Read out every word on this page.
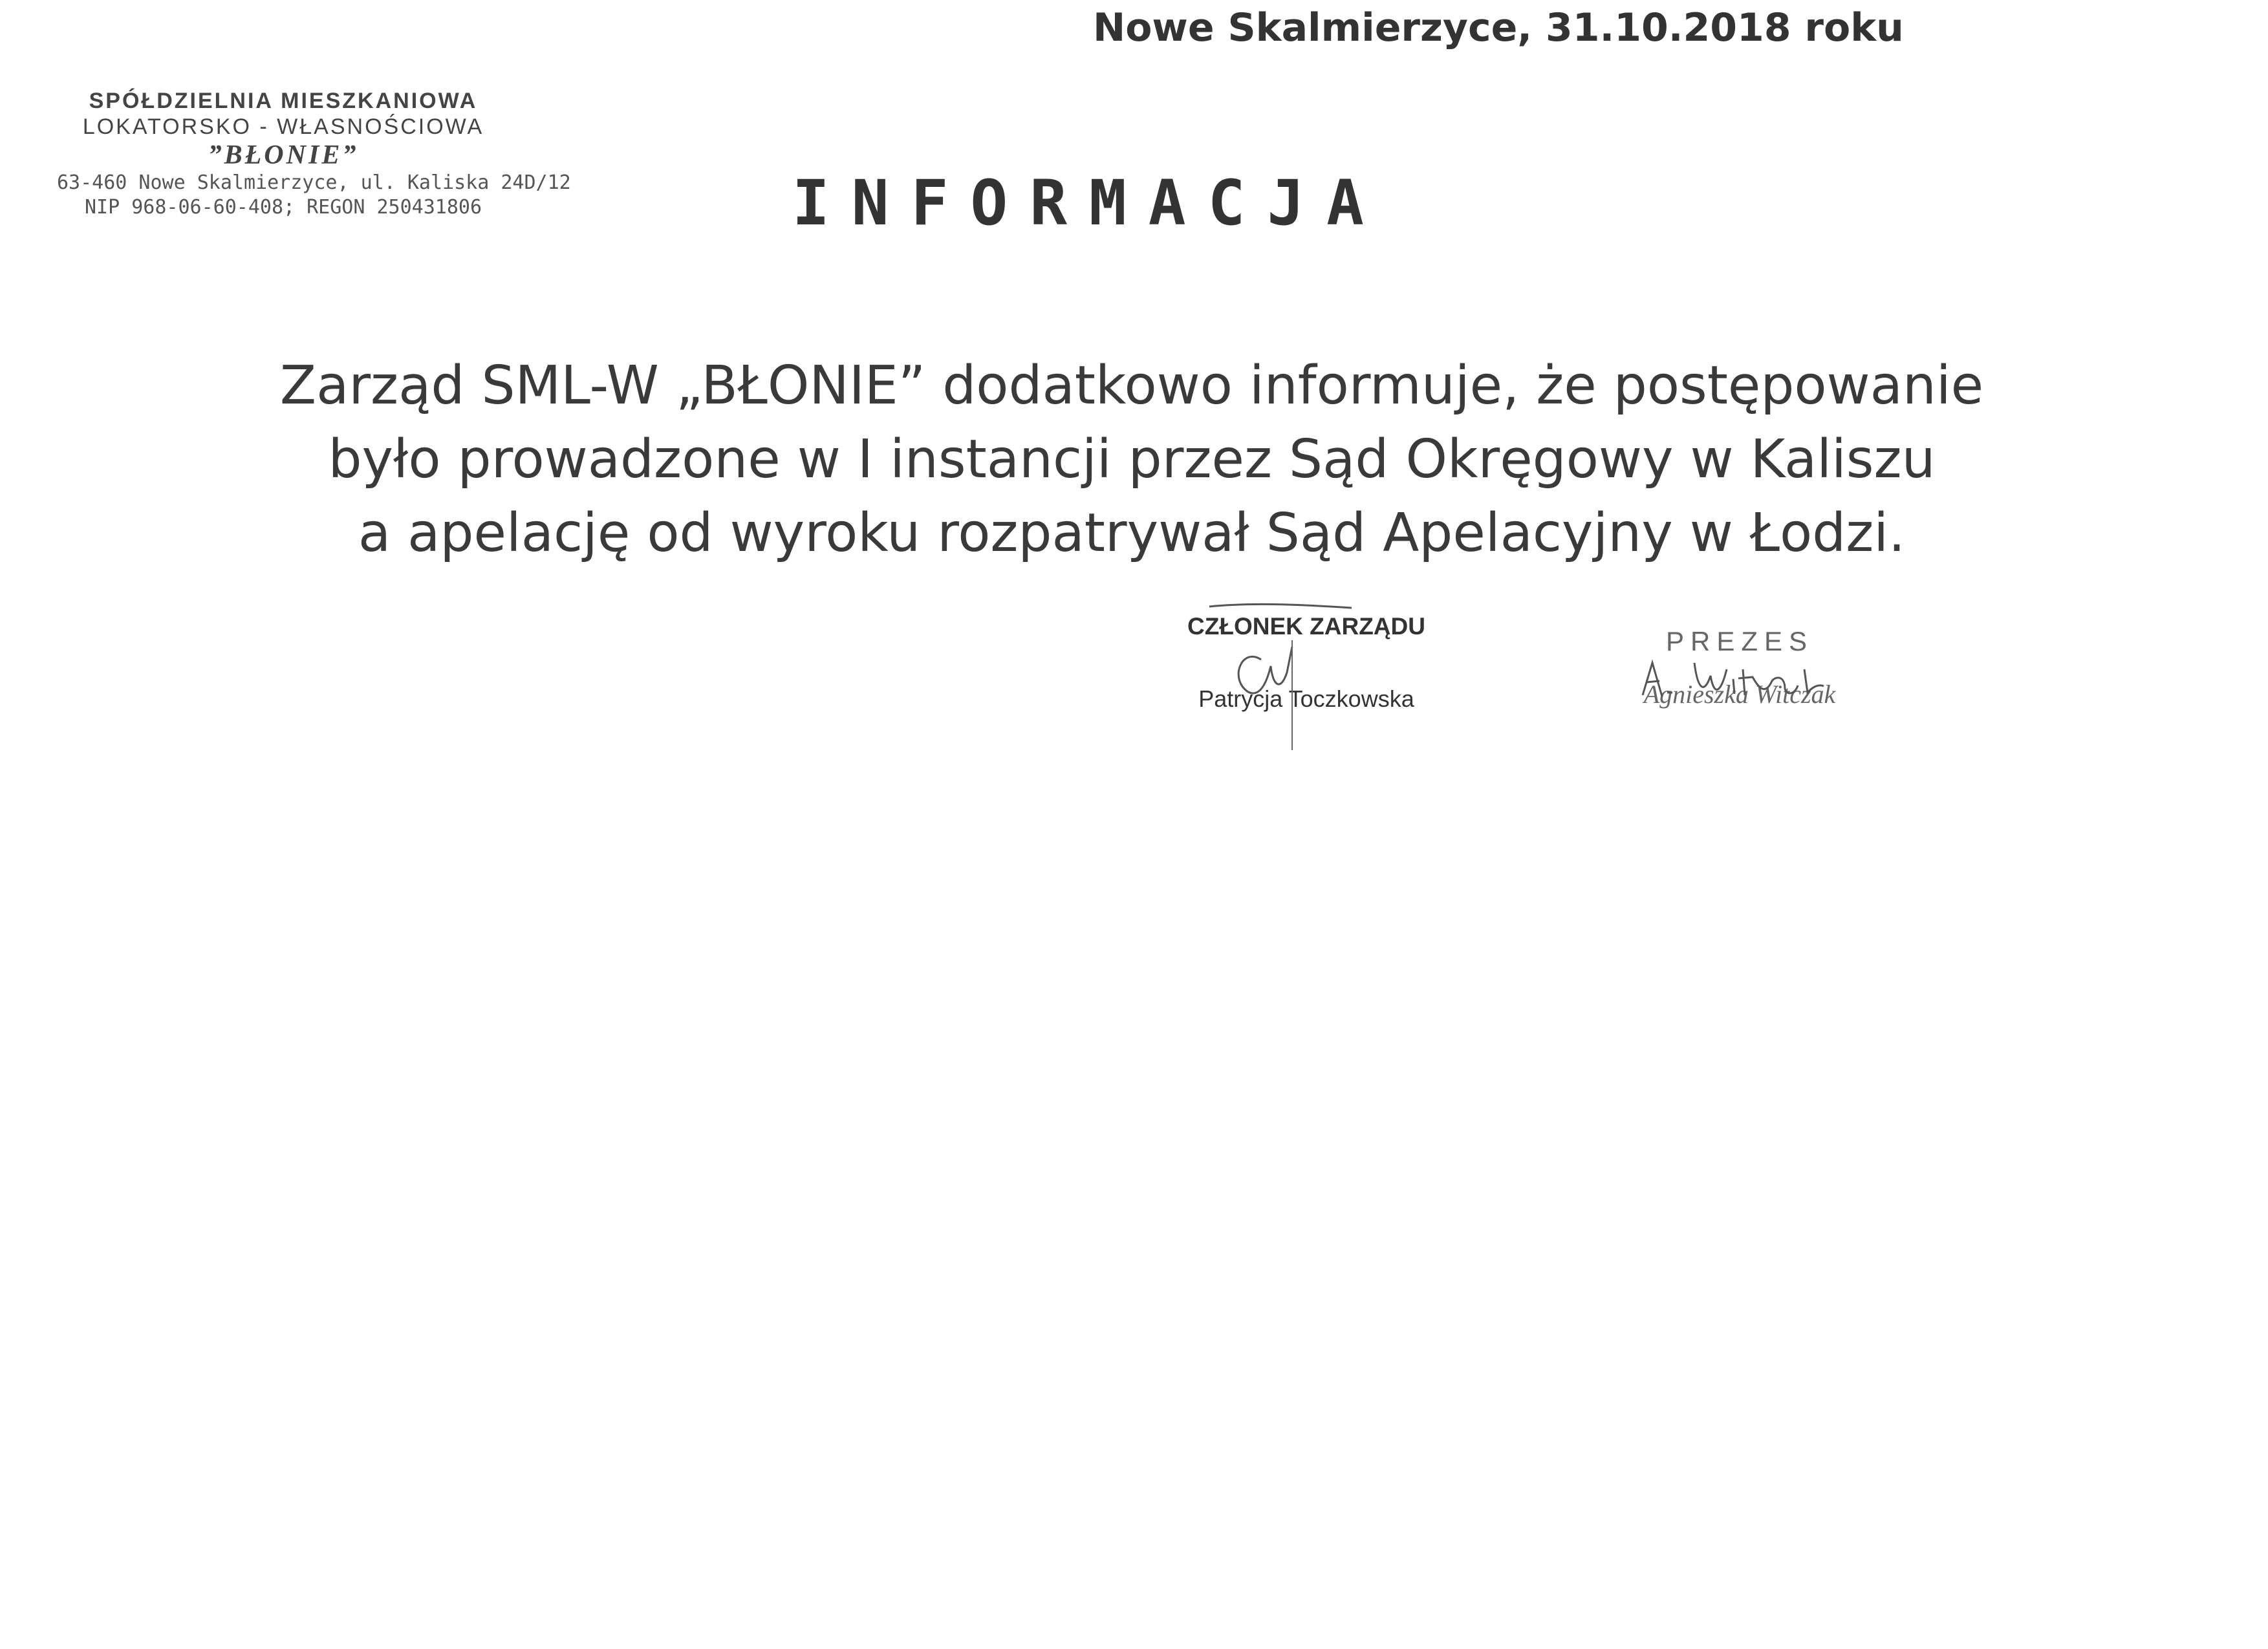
Nowe Skalmierzyce, 31.10.2018 roku
SPÓŁDZIELNIA MIESZKANIOWA
LOKATORSKO - WŁASNOŚCIOWA
”BŁONIE”
63-460 Nowe Skalmierzyce, ul. Kaliska 24D/12
NIP 968-06-60-408; REGON 250431806	INFORMACJA
Zarząd SML-W „BŁONIE” dodatkowo informuje, że postępowanie
było prowadzone w I instancji przez Sąd Okręgowy w Kaliszu
a apelację od wyroku rozpatrywał Sąd Apelacyjny w Łodzi.
CZŁONEK ZARZĄDU
Patrycja Toczkowska
PREZES
Agnieszka Witczak
